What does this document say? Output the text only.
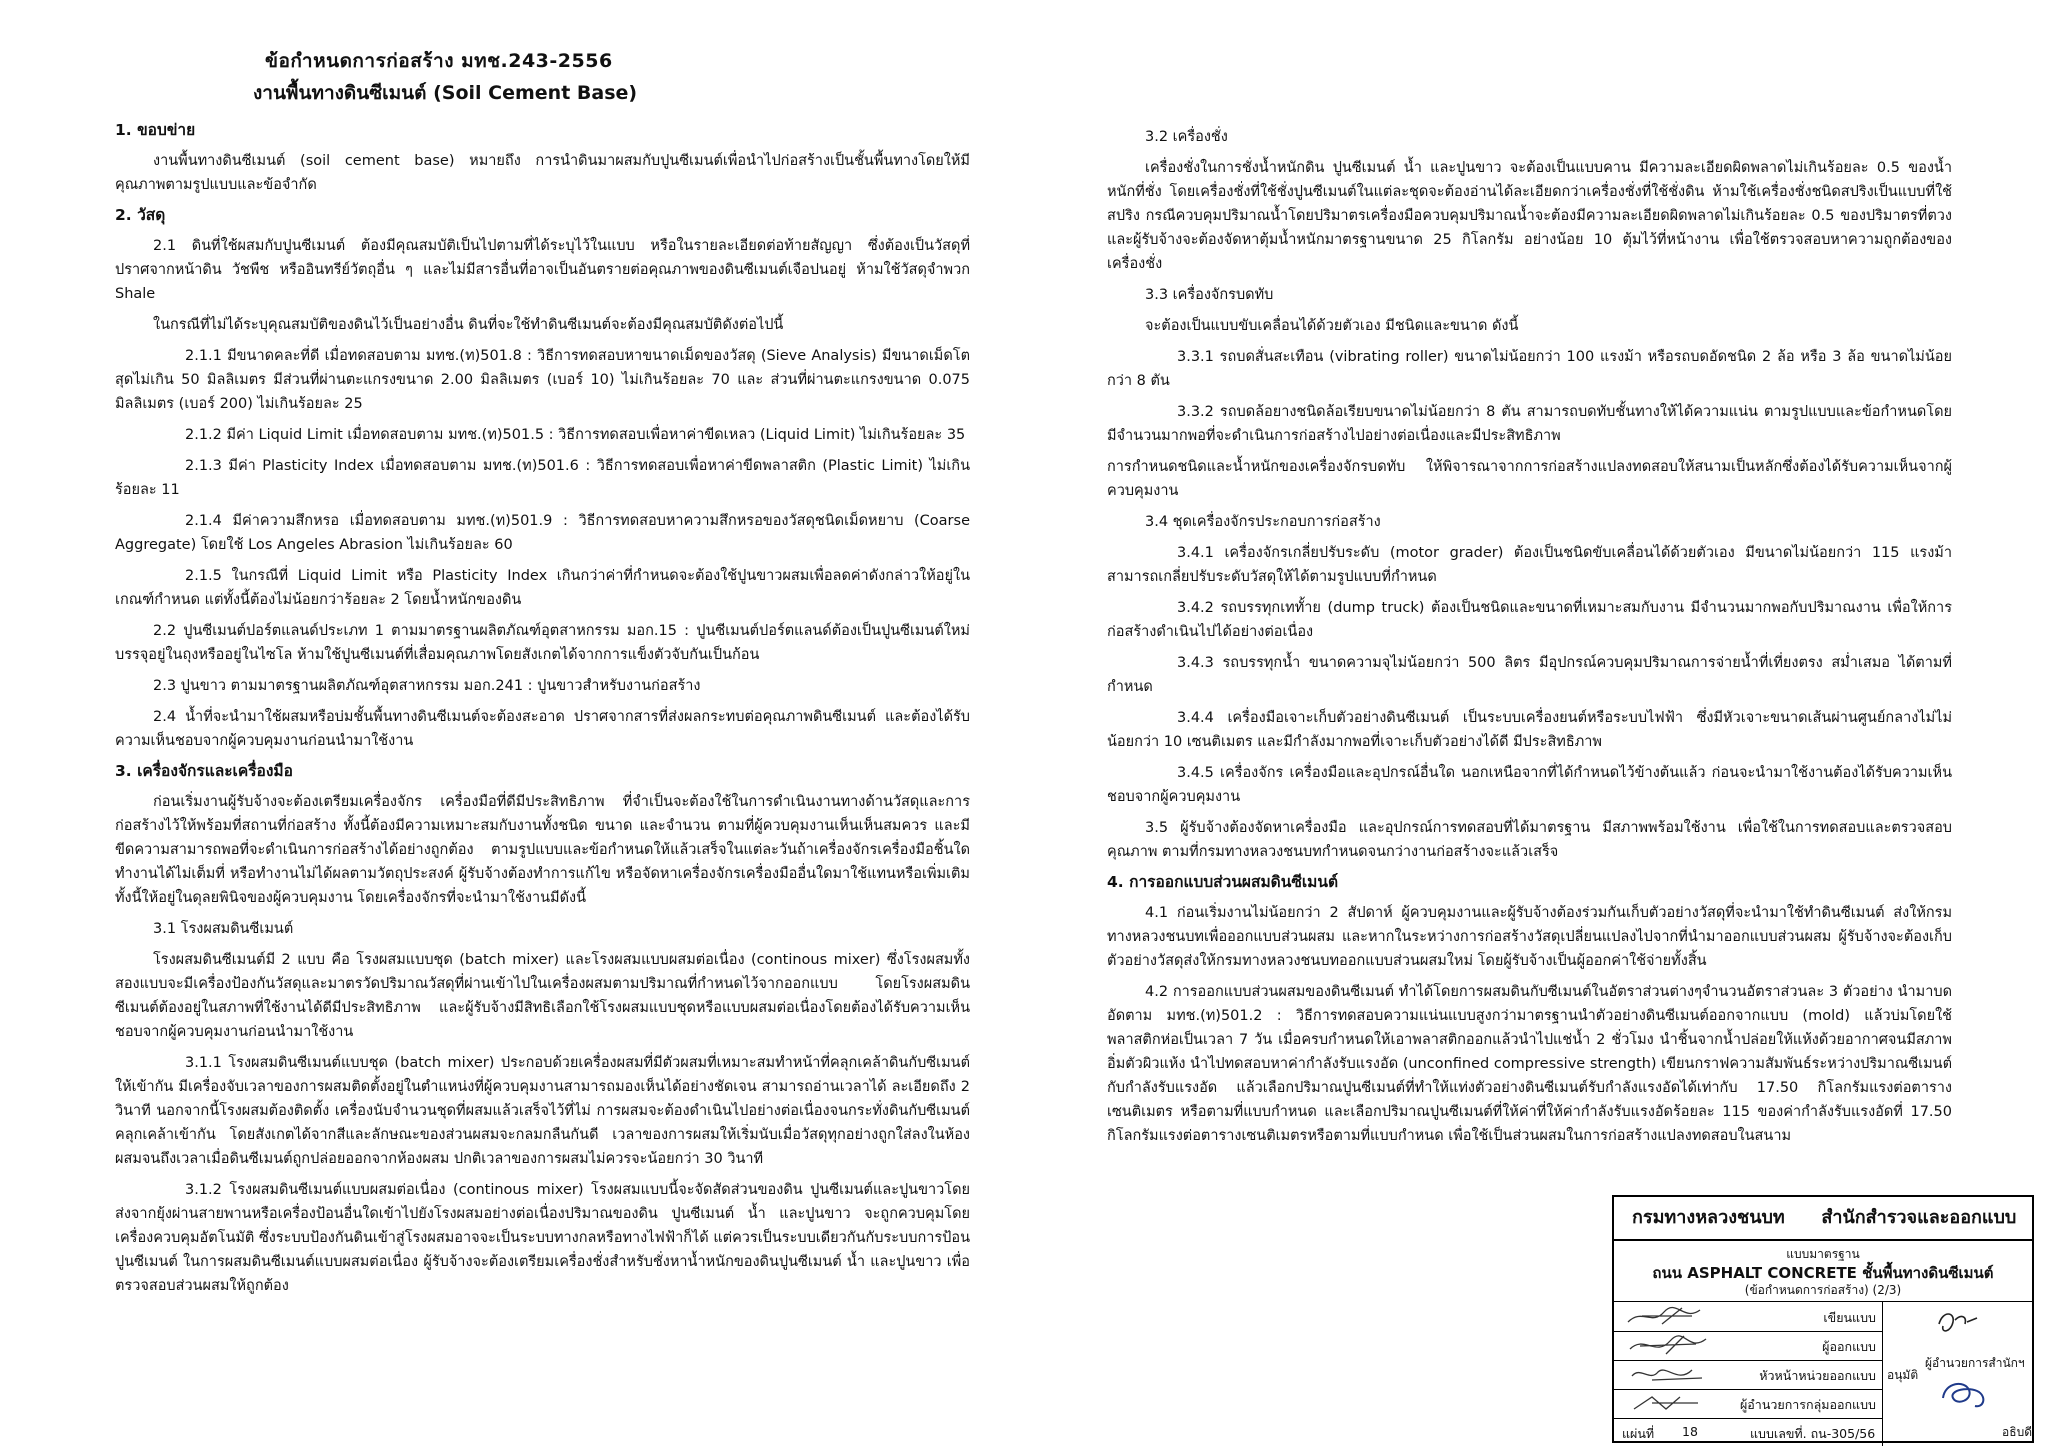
ข้อกำหนดการก่อสร้าง มทช.243-2556
งานพื้นทางดินซีเมนต์ (Soil Cement Base)
1. ขอบข่าย
งานพื้นทางดินซีเมนต์ (soil cement base) หมายถึง การนำดินมาผสมกับปูนซีเมนต์เพื่อนำไปก่อสร้างเป็นชั้นพื้นทางโดยให้มีคุณภาพตามรูปแบบและข้อจำกัด
2. วัสดุ
2.1 ดินที่ใช้ผสมกับปูนซีเมนต์ ต้องมีคุณสมบัติเป็นไปตามที่ได้ระบุไว้ในแบบ หรือในรายละเอียดต่อท้ายสัญญา ซึ่งต้องเป็นวัสดุที่ปราศจากหน้าดิน วัชพืช หรืออินทรีย์วัตถุอื่น ๆ และไม่มีสารอื่นที่อาจเป็นอันตรายต่อคุณภาพของดินซีเมนต์เจือปนอยู่ ห้ามใช้วัสดุจำพวก Shale
ในกรณีที่ไม่ได้ระบุคุณสมบัติของดินไว้เป็นอย่างอื่น ดินที่จะใช้ทำดินซีเมนต์จะต้องมีคุณสมบัติดังต่อไปนี้
2.1.1 มีขนาดคละที่ดี เมื่อทดสอบตาม มทช.(ท)501.8 : วิธีการทดสอบหาขนาดเม็ดของวัสดุ (Sieve Analysis) มีขนาดเม็ดโตสุดไม่เกิน 50 มิลลิเมตร มีส่วนที่ผ่านตะแกรงขนาด 2.00 มิลลิเมตร (เบอร์ 10) ไม่เกินร้อยละ 70 และ ส่วนที่ผ่านตะแกรงขนาด 0.075 มิลลิเมตร (เบอร์ 200) ไม่เกินร้อยละ 25
2.1.2 มีค่า Liquid Limit เมื่อทดสอบตาม มทช.(ท)501.5 : วิธีการทดสอบเพื่อหาค่าขีดเหลว (Liquid Limit) ไม่เกินร้อยละ 35
2.1.3 มีค่า Plasticity Index เมื่อทดสอบตาม มทช.(ท)501.6 : วิธีการทดสอบเพื่อหาค่าขีดพลาสติก (Plastic Limit) ไม่เกินร้อยละ 11
2.1.4 มีค่าความสึกหรอ เมื่อทดสอบตาม มทช.(ท)501.9 : วิธีการทดสอบหาความสึกหรอของวัสดุชนิดเม็ดหยาบ (Coarse Aggregate) โดยใช้ Los Angeles Abrasion ไม่เกินร้อยละ 60
2.1.5 ในกรณีที่ Liquid Limit หรือ Plasticity Index เกินกว่าค่าที่กำหนดจะต้องใช้ปูนขาวผสมเพื่อลดค่าดังกล่าวให้อยู่ในเกณฑ์กำหนด แต่ทั้งนี้ต้องไม่น้อยกว่าร้อยละ 2 โดยน้ำหนักของดิน
2.2 ปูนซีเมนต์ปอร์ตแลนด์ประเภท 1 ตามมาตรฐานผลิตภัณฑ์อุตสาหกรรม มอก.15 : ปูนซีเมนต์ปอร์ตแลนด์ต้องเป็นปูนซีเมนต์ใหม่บรรจุอยู่ในถุงหรืออยู่ในไซโล ห้ามใช้ปูนซีเมนต์ที่เสื่อมคุณภาพโดยสังเกตได้จากการแข็งตัวจับกันเป็นก้อน
2.3 ปูนขาว ตามมาตรฐานผลิตภัณฑ์อุตสาหกรรม มอก.241 : ปูนขาวสำหรับงานก่อสร้าง
2.4 น้ำที่จะนำมาใช้ผสมหรือบ่มชั้นพื้นทางดินซีเมนต์จะต้องสะอาด ปราศจากสารที่ส่งผลกระทบต่อคุณภาพดินซีเมนต์ และต้องได้รับความเห็นชอบจากผู้ควบคุมงานก่อนนำมาใช้งาน
3. เครื่องจักรและเครื่องมือ
ก่อนเริ่มงานผู้รับจ้างจะต้องเตรียมเครื่องจักร เครื่องมือที่ดีมีประสิทธิภาพ ที่จำเป็นจะต้องใช้ในการดำเนินงานทางด้านวัสดุและการก่อสร้างไว้ให้พร้อมที่สถานที่ก่อสร้าง ทั้งนี้ต้องมีความเหมาะสมกับงานทั้งชนิด ขนาด และจำนวน ตามที่ผู้ควบคุมงานเห็นเห็นสมควร และมีขีดความสามารถพอที่จะดำเนินการก่อสร้างได้อย่างถูกต้อง ตามรูปแบบและข้อกำหนดให้แล้วเสร็จในแต่ละวันถ้าเครื่องจักรเครื่องมือชิ้นใดทำงานได้ไม่เต็มที่ หรือทำงานไม่ได้ผลตามวัตถุประสงค์ ผู้รับจ้างต้องทำการแก้ไข หรือจัดหาเครื่องจักรเครื่องมืออื่นใดมาใช้แทนหรือเพิ่มเติม ทั้งนี้ให้อยู่ในดุลยพินิจของผู้ควบคุมงาน โดยเครื่องจักรที่จะนำมาใช้งานมีดังนี้
3.1 โรงผสมดินซีเมนต์
โรงผสมดินซีเมนต์มี 2 แบบ คือ โรงผสมแบบชุด (batch mixer) และโรงผสมแบบผสมต่อเนื่อง (continous mixer) ซึ่งโรงผสมทั้งสองแบบจะมีเครื่องป้องกันวัสดุและมาตรวัดปริมาณวัสดุที่ผ่านเข้าไปในเครื่องผสมตามปริมาณที่กำหนดไว้จากออกแบบ โดยโรงผสมดินซีเมนต์ต้องอยู่ในสภาพที่ใช้งานได้ดีมีประสิทธิภาพ และผู้รับจ้างมีสิทธิเลือกใช้โรงผสมแบบชุดหรือแบบผสมต่อเนื่องโดยต้องได้รับความเห็นชอบจากผู้ควบคุมงานก่อนนำมาใช้งาน
3.1.1 โรงผสมดินซีเมนต์แบบชุด (batch mixer) ประกอบด้วยเครื่องผสมที่มีตัวผสมที่เหมาะสมทำหน้าที่คลุกเคล้าดินกับซีเมนต์ให้เข้ากัน มีเครื่องจับเวลาของการผสมติดตั้งอยู่ในตำแหน่งที่ผู้ควบคุมงานสามารถมองเห็นได้อย่างชัดเจน สามารถอ่านเวลาได้ ละเอียดถึง 2 วินาที นอกจากนี้โรงผสมต้องติดตั้ง เครื่องนับจำนวนชุดที่ผสมแล้วเสร็จไว้ที่ไม่ การผสมจะต้องดำเนินไปอย่างต่อเนื่องจนกระทั่งดินกับซีเมนต์คลุกเคล้าเข้ากัน โดยสังเกตได้จากสีและลักษณะของส่วนผสมจะกลมกลืนกันดี เวลาของการผสมให้เริ่มนับเมื่อวัสดุทุกอย่างถูกใส่ลงในห้องผสมจนถึงเวลาเมื่อดินซีเมนต์ถูกปล่อยออกจากห้องผสม ปกติเวลาของการผสมไม่ควรจะน้อยกว่า 30 วินาที
3.1.2 โรงผสมดินซีเมนต์แบบผสมต่อเนื่อง (continous mixer) โรงผสมแบบนี้จะจัดสัดส่วนของดิน ปูนซีเมนต์และปูนขาวโดยส่งจากยุ้งผ่านสายพานหรือเครื่องป้อนอื่นใดเข้าไปยังโรงผสมอย่างต่อเนื่องปริมาณของดิน ปูนซีเมนต์ น้ำ และปูนขาว จะถูกควบคุมโดยเครื่องควบคุมอัตโนมัติ ซึ่งระบบป้องกันดินเข้าสู่โรงผสมอาจจะเป็นระบบทางกลหรือทางไฟฟ้าก็ได้ แต่ควรเป็นระบบเดียวกันกับระบบการป้อนปูนซีเมนต์ ในการผสมดินซีเมนต์แบบผสมต่อเนื่อง ผู้รับจ้างจะต้องเตรียมเครื่องชั่งสำหรับชั่งหาน้ำหนักของดินปูนซีเมนต์ น้ำ และปูนขาว เพื่อตรวจสอบส่วนผสมให้ถูกต้อง
3.2 เครื่องชั่ง
เครื่องชั่งในการชั่งน้ำหนักดิน ปูนซีเมนต์ น้ำ และปูนขาว จะต้องเป็นแบบคาน มีความละเอียดผิดพลาดไม่เกินร้อยละ 0.5 ของน้ำหนักที่ชั่ง โดยเครื่องชั่งที่ใช้ชั่งปูนซีเมนต์ในแต่ละชุดจะต้องอ่านได้ละเอียดกว่าเครื่องชั่งที่ใช้ชั่งดิน ห้ามใช้เครื่องชั่งชนิดสปริงเป็นแบบที่ใช้สปริง กรณีควบคุมปริมาณน้ำโดยปริมาตรเครื่องมือควบคุมปริมาณน้ำจะต้องมีความละเอียดผิดพลาดไม่เกินร้อยละ 0.5 ของปริมาตรที่ตวง และผู้รับจ้างจะต้องจัดหาตุ้มน้ำหนักมาตรฐานขนาด 25 กิโลกรัม อย่างน้อย 10 ตุ้มไว้ที่หน้างาน เพื่อใช้ตรวจสอบหาความถูกต้องของเครื่องชั่ง
3.3 เครื่องจักรบดทับ
จะต้องเป็นแบบขับเคลื่อนได้ด้วยตัวเอง มีชนิดและขนาด ดังนี้
3.3.1 รถบดสั่นสะเทือน (vibrating roller) ขนาดไม่น้อยกว่า 100 แรงม้า หรือรถบดอัดชนิด 2 ล้อ หรือ 3 ล้อ ขนาดไม่น้อยกว่า 8 ตัน
3.3.2 รถบดล้อยางชนิดล้อเรียบขนาดไม่น้อยกว่า 8 ตัน สามารถบดทับชั้นทางให้ได้ความแน่น ตามรูปแบบและข้อกำหนดโดยมีจำนวนมากพอที่จะดำเนินการก่อสร้างไปอย่างต่อเนื่องและมีประสิทธิภาพ
การกำหนดชนิดและน้ำหนักของเครื่องจักรบดทับ ให้พิจารณาจากการก่อสร้างแปลงทดสอบให้สนามเป็นหลักซึ่งต้องได้รับความเห็นจากผู้ควบคุมงาน
3.4 ชุดเครื่องจักรประกอบการก่อสร้าง
3.4.1 เครื่องจักรเกลี่ยปรับระดับ (motor grader) ต้องเป็นชนิดขับเคลื่อนได้ด้วยตัวเอง มีขนาดไม่น้อยกว่า 115 แรงม้าสามารถเกลี่ยปรับระดับวัสดุให้ได้ตามรูปแบบที่กำหนด
3.4.2 รถบรรทุกเททั้าย (dump truck) ต้องเป็นชนิดและขนาดที่เหมาะสมกับงาน มีจำนวนมากพอกับปริมาณงาน เพื่อให้การก่อสร้างดำเนินไปได้อย่างต่อเนื่อง
3.4.3 รถบรรทุกน้ำ ขนาดความจุไม่น้อยกว่า 500 ลิตร มีอุปกรณ์ควบคุมปริมาณการจ่ายน้ำที่เที่ยงตรง สม่ำเสมอ ได้ตามที่กำหนด
3.4.4 เครื่องมือเจาะเก็บตัวอย่างดินซีเมนต์ เป็นระบบเครื่องยนต์หรือระบบไฟฟ้า ซึ่งมีหัวเจาะขนาดเส้นผ่านศูนย์กลางไม่ไม่น้อยกว่า 10 เซนติเมตร และมีกำลังมากพอที่เจาะเก็บตัวอย่างได้ดี มีประสิทธิภาพ
3.4.5 เครื่องจักร เครื่องมือและอุปกรณ์อื่นใด นอกเหนือจากที่ได้กำหนดไว้ข้างต้นแล้ว ก่อนจะนำมาใช้งานต้องได้รับความเห็นชอบจากผู้ควบคุมงาน
3.5 ผู้รับจ้างต้องจัดหาเครื่องมือ และอุปกรณ์การทดสอบที่ได้มาตรฐาน มีสภาพพร้อมใช้งาน เพื่อใช้ในการทดสอบและตรวจสอบคุณภาพ ตามที่กรมทางหลวงชนบทกำหนดจนกว่างานก่อสร้างจะแล้วเสร็จ
4. การออกแบบส่วนผสมดินซีเมนต์
4.1 ก่อนเริ่มงานไม่น้อยกว่า 2 สัปดาห์ ผู้ควบคุมงานและผู้รับจ้างต้องร่วมกันเก็บตัวอย่างวัสดุที่จะนำมาใช้ทำดินซีเมนต์ ส่งให้กรมทางหลวงชนบทเพื่อออกแบบส่วนผสม และหากในระหว่างการก่อสร้างวัสดุเปลี่ยนแปลงไปจากที่นำมาออกแบบส่วนผสม ผู้รับจ้างจะต้องเก็บตัวอย่างวัสดุส่งให้กรมทางหลวงชนบทออกแบบส่วนผสมใหม่ โดยผู้รับจ้างเป็นผู้ออกค่าใช้จ่ายทั้งสิ้น
4.2 การออกแบบส่วนผสมของดินซีเมนต์ ทำได้โดยการผสมดินกับซีเมนต์ในอัตราส่วนต่างๆจำนวนอัตราส่วนละ 3 ตัวอย่าง นำมาบดอัดตาม มทช.(ท)501.2 : วิธีการทดสอบความแน่นแบบสูงกว่ามาตรฐานนำตัวอย่างดินซีเมนต์ออกจากแบบ (mold) แล้วบ่มโดยใช้พลาสติกห่อเป็นเวลา 7 วัน เมื่อครบกำหนดให้เอาพลาสติกออกแล้วนำไปแช่น้ำ 2 ชั่วโมง นำชิ้นจากน้ำปล่อยให้แห้งด้วยอากาศจนมีสภาพอิ่มตัวผิวแห้ง นำไปทดสอบหาค่ากำลังรับแรงอัด (unconfined compressive strength) เขียนกราฟความสัมพันธ์ระหว่างปริมาณซีเมนต์กับกำลังรับแรงอัด แล้วเลือกปริมาณปูนซีเมนต์ที่ทำให้แท่งตัวอย่างดินซีเมนต์รับกำลังแรงอัดได้เท่ากับ 17.50 กิโลกรัมแรงต่อตารางเซนติเมตร หรือตามที่แบบกำหนด และเลือกปริมาณปูนซีเมนต์ที่ให้ค่าที่ให้ค่ากำลังรับแรงอัดร้อยละ 115 ของค่ากำลังรับแรงอัดที่ 17.50 กิโลกรัมแรงต่อตารางเซนติเมตรหรือตามที่แบบกำหนด เพื่อใช้เป็นส่วนผสมในการก่อสร้างแปลงทดสอบในสนาม
กรมทางหลวงชนบท สำนักสำรวจและออกแบบ
แบบมาตรฐาน
ถนน ASPHALT CONCRETE ชั้นพื้นทางดินซีเมนต์
(ข้อกำหนดการก่อสร้าง) (2/3)
เขียนแบบ
ผู้ออกแบบ
หัวหน้าหน่วยออกแบบ
ผู้อำนวยการกลุ่มออกแบบ
อนุมัติ
ผู้อำนวยการสำนักฯ
อธิบดี
แผ่นที่ 18	แบบเลขที่. ถน-305/56
